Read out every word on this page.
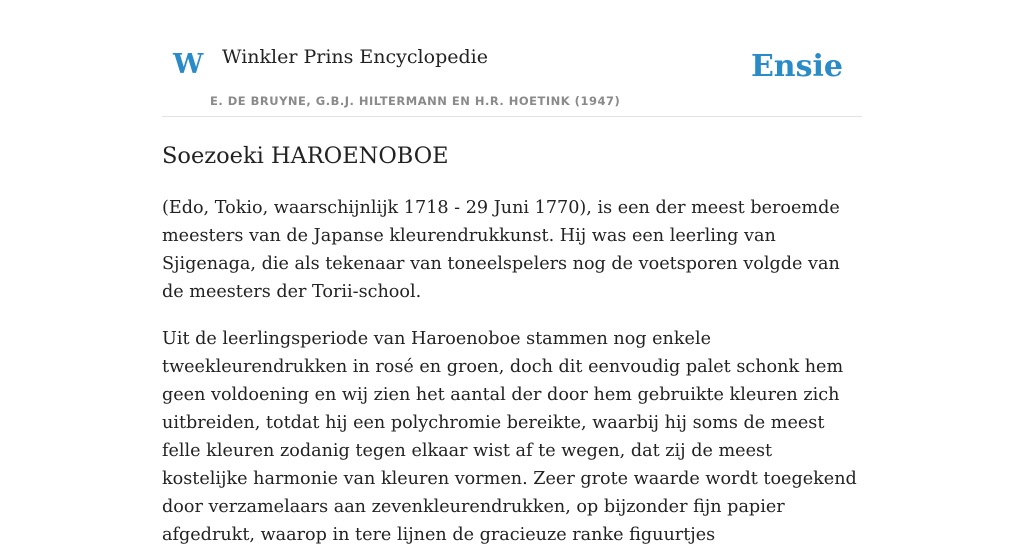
W Winkler Prins Encyclopedie
E. DE BRUYNE, G.B.J. HILTERMANN EN H.R. HOETINK (1947)
Ensie
Soezoeki HAROENOBOE

(Edo, Tokio, waarschijnlijk 1718 - 29 Juni 1770), is een der meest beroemde meesters van de Japanse kleurendrukkunst. Hij was een leerling van Sjigenaga, die als tekenaar van toneelspelers nog de voetsporen volgde van de meesters der Torii-school.

Uit de leerlingsperiode van Haroenoboe stammen nog enkele tweekleurendrukken in rosé en groen, doch dit eenvoudig palet schonk hem geen voldoening en wij zien het aantal der door hem gebruikte kleuren zich uitbreiden, totdat hij een polychromie bereikte, waarbij hij soms de meest felle kleuren zodanig tegen elkaar wist af te wegen, dat zij de meest kostelijke harmonie van kleuren vormen. Zeer grote waarde wordt toegekend door verzamelaars aan zevenkleurendrukken, op bijzonder fijn papier afgedrukt, waarop in tere lijnen de gracieuze ranke figuurtjes
